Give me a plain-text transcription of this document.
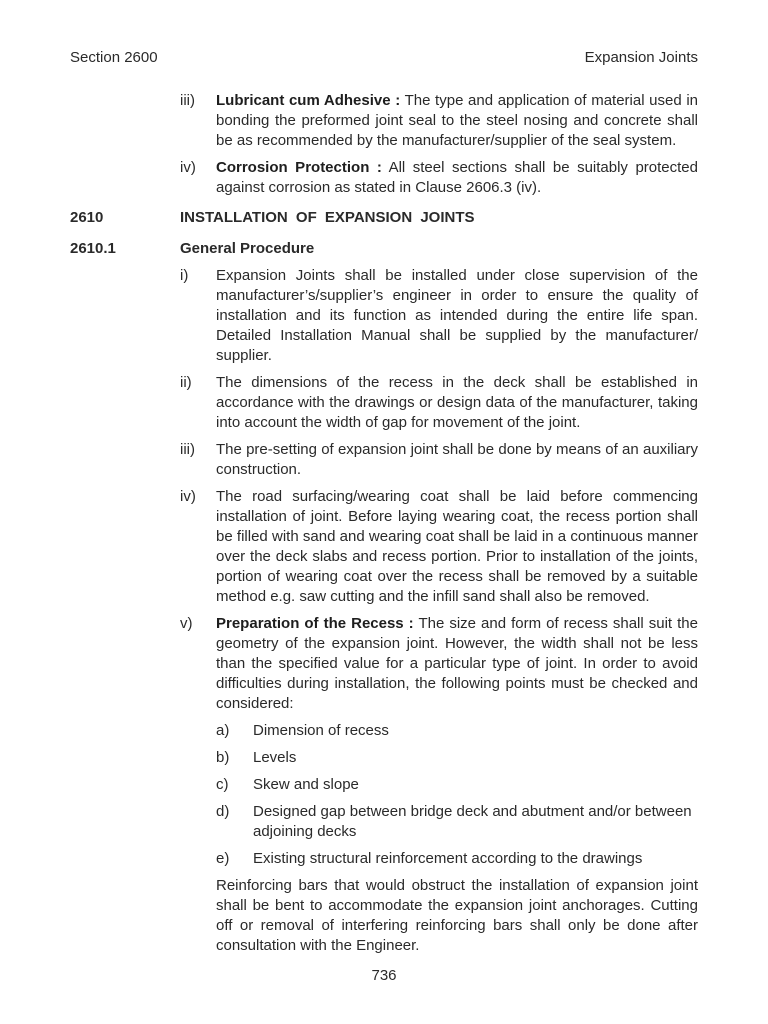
Section 2600	Expansion Joints
iii) Lubricant cum Adhesive : The type and application of material used in bonding the preformed joint seal to the steel nosing and concrete shall be as recommended by the manufacturer/supplier of the seal system.
iv) Corrosion Protection : All steel sections shall be suitably protected against corrosion as stated in Clause 2606.3 (iv).
2610	INSTALLATION OF EXPANSION JOINTS
2610.1	General Procedure
i) Expansion Joints shall be installed under close supervision of the manufacturer’s/supplier’s engineer in order to ensure the quality of installation and its function as intended during the entire life span. Detailed Installation Manual shall be supplied by the manufacturer/ supplier.
ii) The dimensions of the recess in the deck shall be established in accordance with the drawings or design data of the manufacturer, taking into account the width of gap for movement of the joint.
iii) The pre-setting of expansion joint shall be done by means of an auxiliary construction.
iv) The road surfacing/wearing coat shall be laid before commencing installation of joint. Before laying wearing coat, the recess portion shall be filled with sand and wearing coat shall be laid in a continuous manner over the deck slabs and recess portion. Prior to installation of the joints, portion of wearing coat over the recess shall be removed by a suitable method e.g. saw cutting and the infill sand shall also be removed.
v) Preparation of the Recess : The size and form of recess shall suit the geometry of the expansion joint. However, the width shall not be less than the specified value for a particular type of joint. In order to avoid difficulties during installation, the following points must be checked and considered:
a) Dimension of recess
b) Levels
c) Skew and slope
d) Designed gap between bridge deck and abutment and/or between adjoining decks
e) Existing structural reinforcement according to the drawings
Reinforcing bars that would obstruct the installation of expansion joint shall be bent to accommodate the expansion joint anchorages. Cutting off or removal of interfering reinforcing bars shall only be done after consultation with the Engineer.
736
